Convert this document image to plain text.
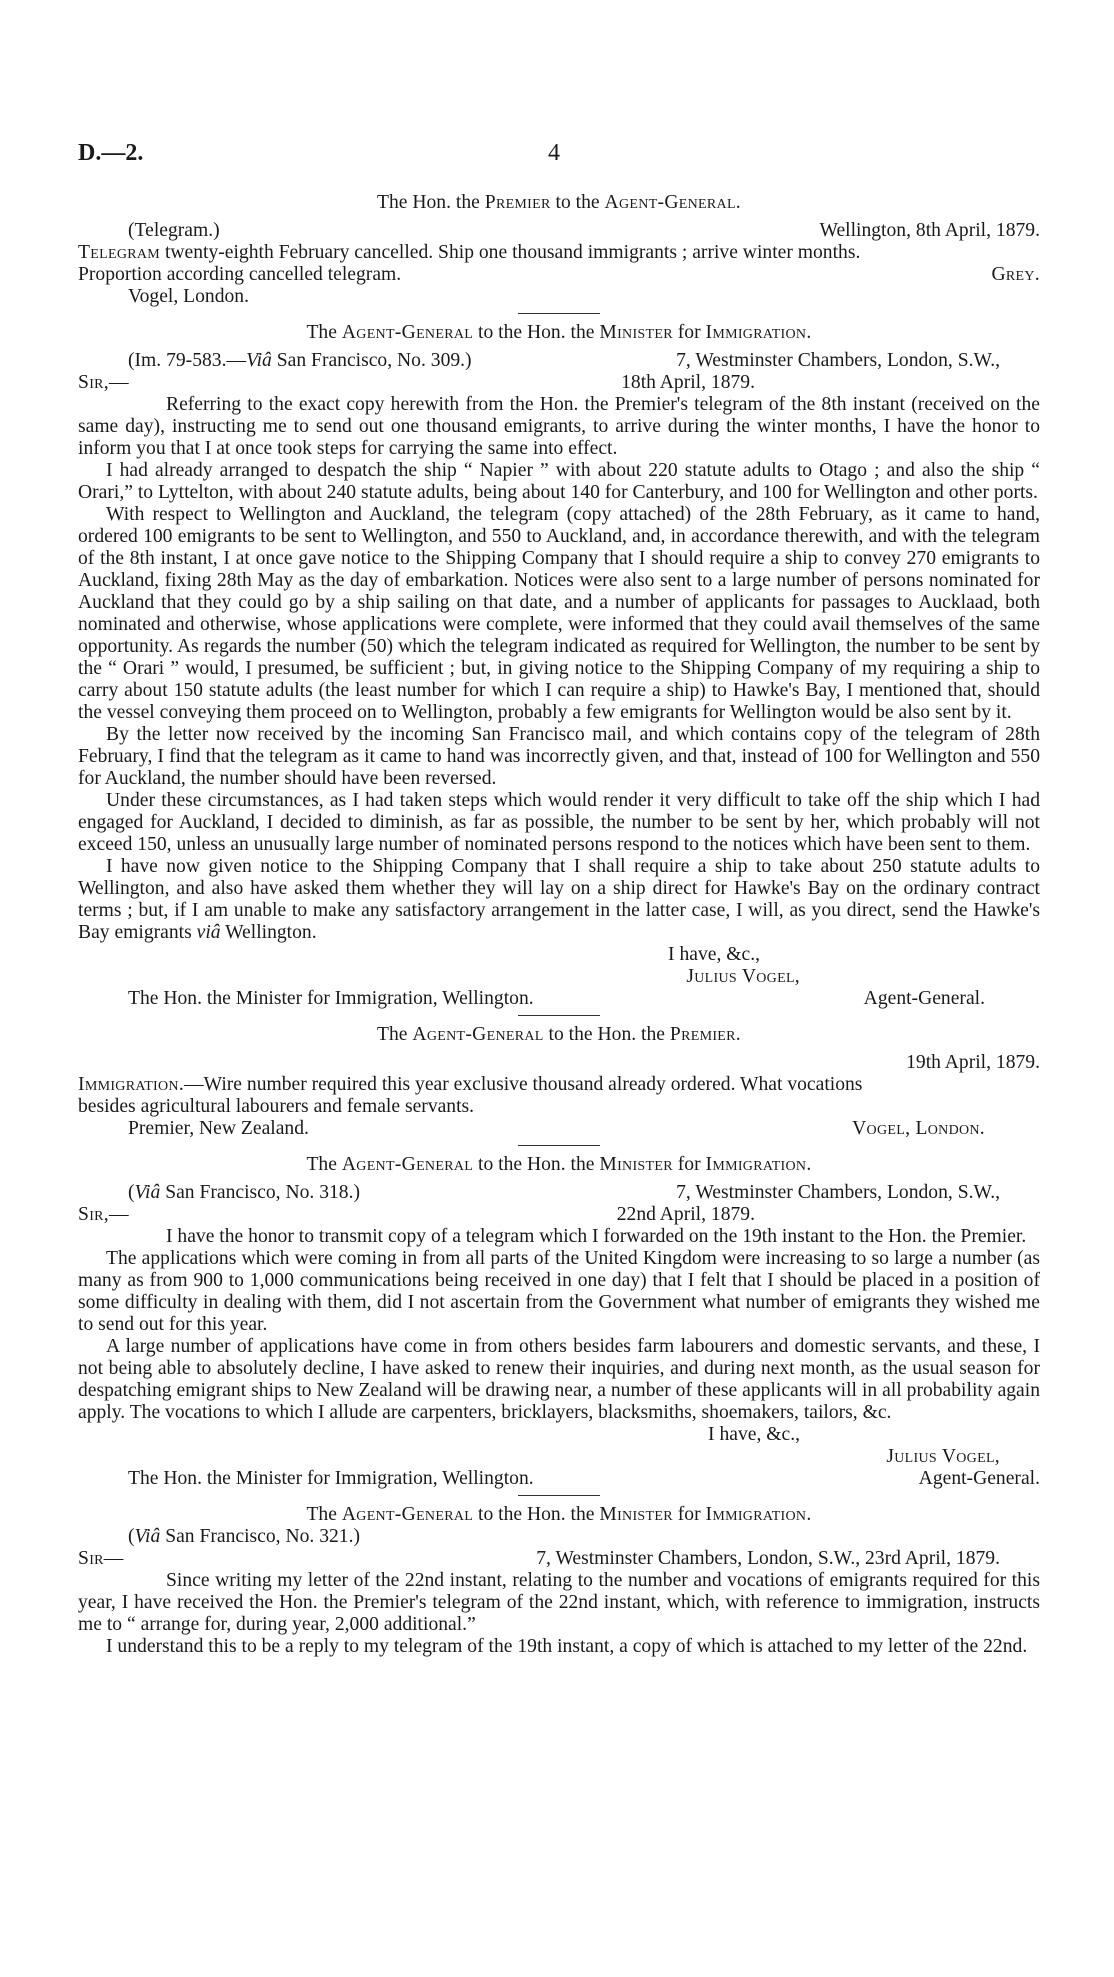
D.—2.	4

The Hon. the Premier to the Agent-General.

(Telegram.)	Wellington, 8th April, 1879.

Telegram twenty-eighth February cancelled. Ship one thousand immigrants ; arrive winter months.

Proportion according cancelled telegram.	Grey.

Vogel, London.

The Agent-General to the Hon. the Minister for Immigration.

(Im. 79-583.—Viâ San Francisco, No. 309.)	7, Westminster Chambers, London, S.W.,
Sir,—	18th April, 1879.

Referring to the exact copy herewith from the Hon. the Premier's telegram of the 8th instant (received on the same day), instructing me to send out one thousand emigrants, to arrive during the winter months, I have the honor to inform you that I at once took steps for carrying the same into effect.

I had already arranged to despatch the ship “ Napier ” with about 220 statute adults to Otago ; and also the ship “ Orari,” to Lyttelton, with about 240 statute adults, being about 140 for Canterbury, and 100 for Wellington and other ports.

With respect to Wellington and Auckland, the telegram (copy attached) of the 28th February, as it came to hand, ordered 100 emigrants to be sent to Wellington, and 550 to Auckland, and, in accordance therewith, and with the telegram of the 8th instant, I at once gave notice to the Shipping Company that I should require a ship to convey 270 emigrants to Auckland, fixing 28th May as the day of embarkation. Notices were also sent to a large number of persons nominated for Auckland that they could go by a ship sailing on that date, and a number of applicants for passages to Aucklaad, both nominated and otherwise, whose applications were complete, were informed that they could avail themselves of the same opportunity. As regards the number (50) which the telegram indicated as required for Wellington, the number to be sent by the “ Orari ” would, I presumed, be sufficient ; but, in giving notice to the Shipping Company of my requiring a ship to carry about 150 statute adults (the least number for which I can require a ship) to Hawke's Bay, I mentioned that, should the vessel conveying them proceed on to Wellington, probably a few emigrants for Wellington would be also sent by it.

By the letter now received by the incoming San Francisco mail, and which contains copy of the telegram of 28th February, I find that the telegram as it came to hand was incorrectly given, and that, instead of 100 for Wellington and 550 for Auckland, the number should have been reversed.

Under these circumstances, as I had taken steps which would render it very difficult to take off the ship which I had engaged for Auckland, I decided to diminish, as far as possible, the number to be sent by her, which probably will not exceed 150, unless an unusually large number of nominated persons respond to the notices which have been sent to them.

I have now given notice to the Shipping Company that I shall require a ship to take about 250 statute adults to Wellington, and also have asked them whether they will lay on a ship direct for Hawke's Bay on the ordinary contract terms ; but, if I am unable to make any satisfactory arrangement in the latter case, I will, as you direct, send the Hawke's Bay emigrants viâ Wellington.

I have, &c.,

Julius Vogel,

The Hon. the Minister for Immigration, Wellington.	Agent-General.

The Agent-General to the Hon. the Premier.

19th April, 1879.

Immigration.—Wire number required this year exclusive thousand already ordered. What vocations

besides agricultural labourers and female servants.

Premier, New Zealand.	Vogel, London.

The Agent-General to the Hon. the Minister for Immigration.

(Viâ San Francisco, No. 318.)	7, Westminster Chambers, London, S.W.,
Sir,—	22nd April, 1879.

I have the honor to transmit copy of a telegram which I forwarded on the 19th instant to the Hon. the Premier.

The applications which were coming in from all parts of the United Kingdom were increasing to so large a number (as many as from 900 to 1,000 communications being received in one day) that I felt that I should be placed in a position of some difficulty in dealing with them, did I not ascertain from the Government what number of emigrants they wished me to send out for this year.

A large number of applications have come in from others besides farm labourers and domestic servants, and these, I not being able to absolutely decline, I have asked to renew their inquiries, and during next month, as the usual season for despatching emigrant ships to New Zealand will be drawing near, a number of these applicants will in all probability again apply. The vocations to which I allude are carpenters, bricklayers, blacksmiths, shoemakers, tailors, &c.

I have, &c.,

Julius Vogel,

The Hon. the Minister for Immigration, Wellington.	Agent-General.

The Agent-General to the Hon. the Minister for Immigration.

(Viâ San Francisco, No. 321.)

Sir—	7, Westminster Chambers, London, S.W., 23rd April, 1879.

Since writing my letter of the 22nd instant, relating to the number and vocations of emigrants required for this year, I have received the Hon. the Premier's telegram of the 22nd instant, which, with reference to immigration, instructs me to “ arrange for, during year, 2,000 additional.”

I understand this to be a reply to my telegram of the 19th instant, a copy of which is attached to my letter of the 22nd.
